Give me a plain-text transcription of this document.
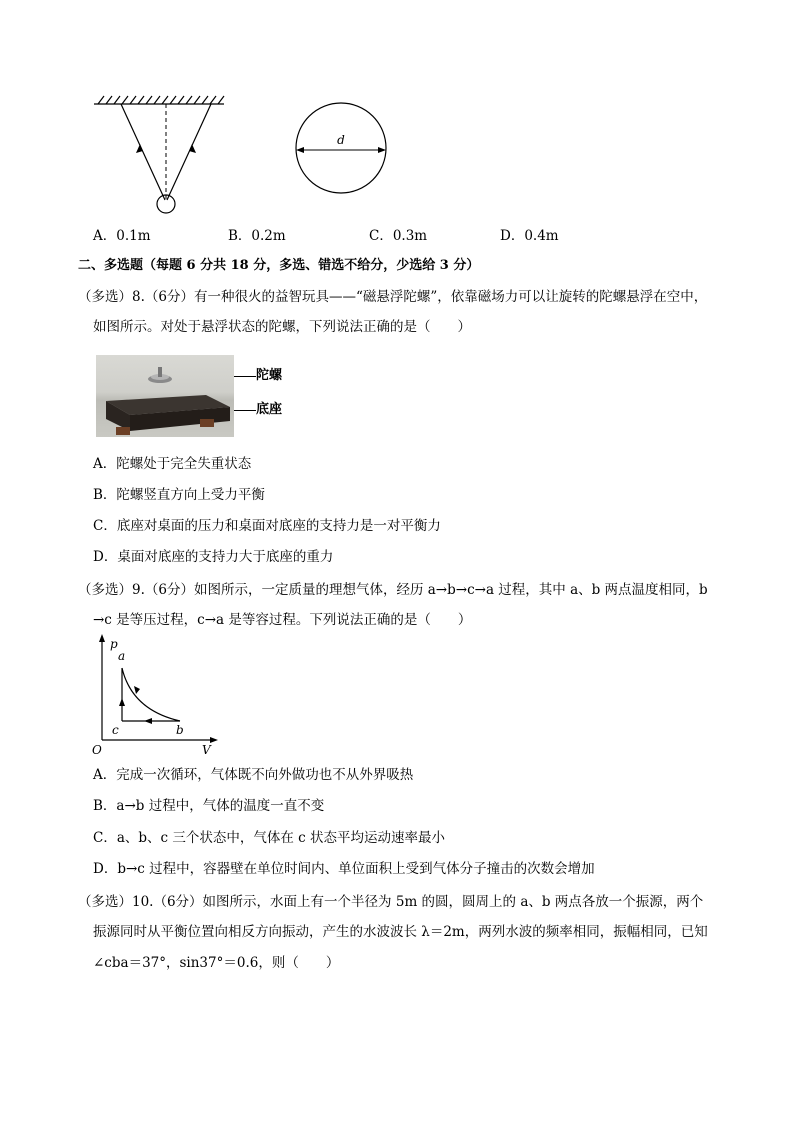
d
A．0.1m	B．0.2m	C．0.3m	D．0.4m
二、多选题（每题 6 分共 18 分，多选、错选不给分，少选给 3 分）
（多选）8.（6分）有一种很火的益智玩具——“磁悬浮陀螺”，依靠磁场力可以让旋转的陀螺悬浮在空中，
如图所示。对处于悬浮状态的陀螺，下列说法正确的是（　　）
陀螺
底座
A．陀螺处于完全失重状态
B．陀螺竖直方向上受力平衡
C．底座对桌面的压力和桌面对底座的支持力是一对平衡力
D．桌面对底座的支持力大于底座的重力
（多选）9.（6分）如图所示，一定质量的理想气体，经历 a→b→c→a 过程，其中 a、b 两点温度相同，b
→c 是等压过程，c→a 是等容过程。下列说法正确的是（　　）
p
V
O
a
b
c
A．完成一次循环，气体既不向外做功也不从外界吸热
B．a→b 过程中，气体的温度一直不变
C．a、b、c 三个状态中，气体在 c 状态平均运动速率最小
D．b→c 过程中，容器壁在单位时间内、单位面积上受到气体分子撞击的次数会增加
（多选）10.（6分）如图所示，水面上有一个半径为 5m 的圆，圆周上的 a、b 两点各放一个振源，两个
振源同时从平衡位置向相反方向振动，产生的水波波长 λ＝2m，两列水波的频率相同，振幅相同，已知
∠cba＝37°，sin37°＝0.6，则（　　）
